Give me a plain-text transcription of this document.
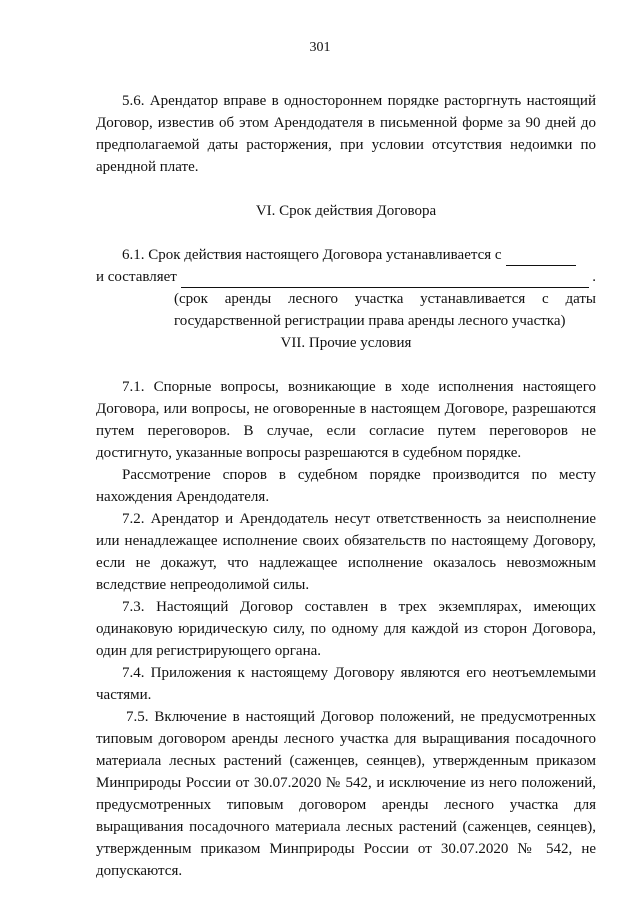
301

5.6. Арендатор вправе в одностороннем порядке расторгнуть настоящий Договор, известив об этом Арендодателя в письменной форме за 90 дней до предполагаемой даты расторжения, при условии отсутствия недоимки по арендной плате.

VI. Срок действия Договора

6.1. Срок действия настоящего Договора устанавливается с
и составляет	.

(срок аренды лесного участка устанавливается с даты государственной регистрации права аренды лесного участка)

VII. Прочие условия

7.1. Спорные вопросы, возникающие в ходе исполнения настоящего Договора, или вопросы, не оговоренные в настоящем Договоре, разрешаются путем переговоров. В случае, если согласие путем переговоров не достигнуто, указанные вопросы разрешаются в судебном порядке.

Рассмотрение споров в судебном порядке производится по месту нахождения Арендодателя.

7.2. Арендатор и Арендодатель несут ответственность за неисполнение или ненадлежащее исполнение своих обязательств по настоящему Договору, если не докажут, что надлежащее исполнение оказалось невозможным вследствие непреодолимой силы.

7.3. Настоящий Договор составлен в трех экземплярах, имеющих одинаковую юридическую силу, по одному для каждой из сторон Договора, один для регистрирующего органа.

7.4. Приложения к настоящему Договору являются его неотъемлемыми частями.

7.5. Включение в настоящий Договор положений, не предусмотренных типовым договором аренды лесного участка для выращивания посадочного материала лесных растений (саженцев, сеянцев), утвержденным приказом Минприроды России от 30.07.2020 № 542, и исключение из него положений, предусмотренных типовым договором аренды лесного участка для выращивания посадочного материала лесных растений (саженцев, сеянцев), утвержденным приказом Минприроды России от 30.07.2020 № 542, не допускаются.
